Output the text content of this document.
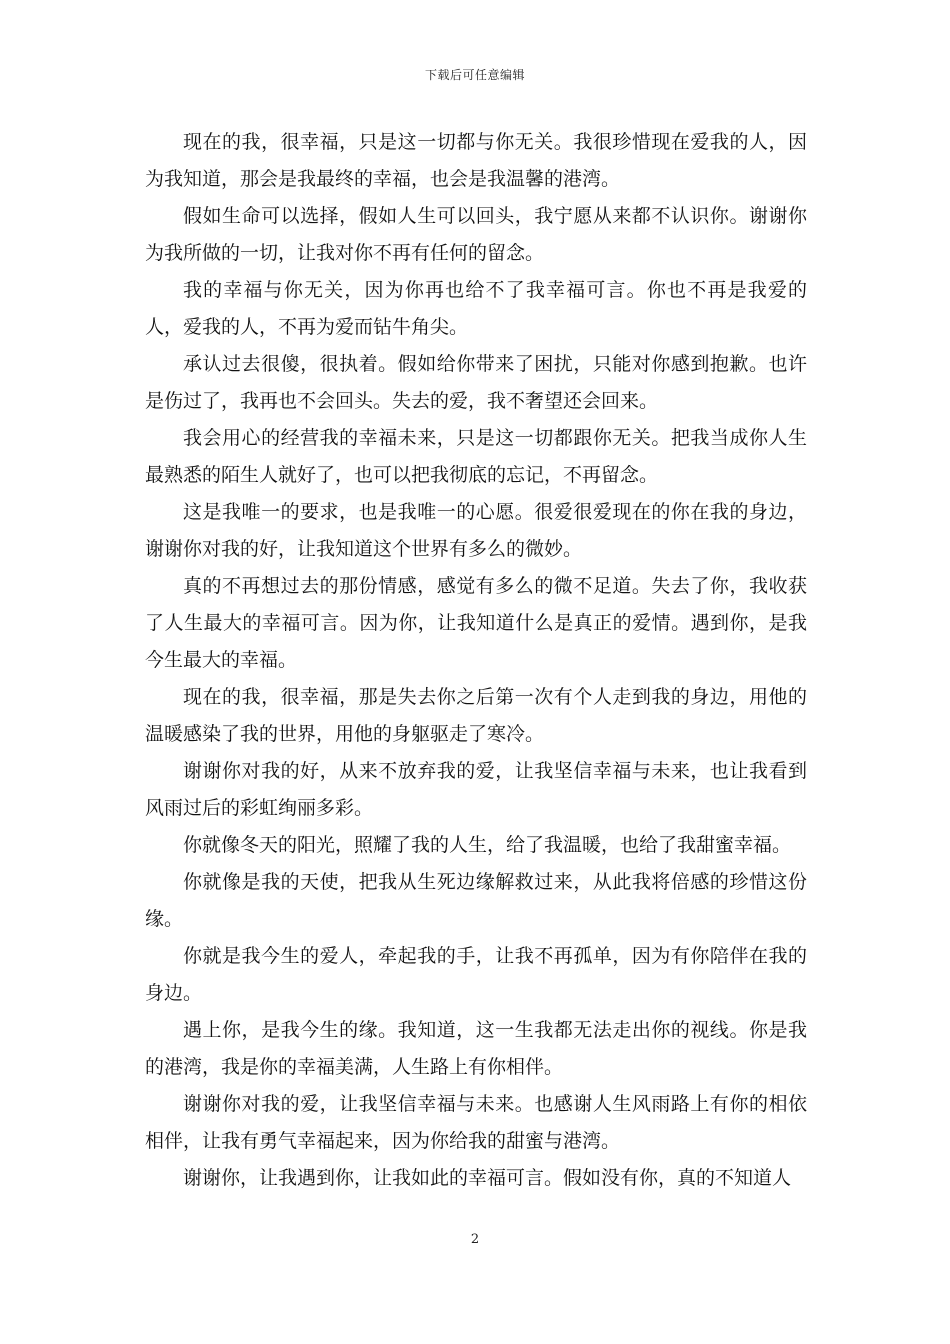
下载后可任意编辑

现在的我，很幸福，只是这一切都与你无关。我很珍惜现在爱我的人，因为我知道，那会是我最终的幸福，也会是我温馨的港湾。

假如生命可以选择，假如人生可以回头，我宁愿从来都不认识你。谢谢你为我所做的一切，让我对你不再有任何的留念。

我的幸福与你无关，因为你再也给不了我幸福可言。你也不再是我爱的人，爱我的人，不再为爱而钻牛角尖。

承认过去很傻，很执着。假如给你带来了困扰，只能对你感到抱歉。也许是伤过了，我再也不会回头。失去的爱，我不奢望还会回来。

我会用心的经营我的幸福未来，只是这一切都跟你无关。把我当成你人生最熟悉的陌生人就好了，也可以把我彻底的忘记，不再留念。

这是我唯一的要求，也是我唯一的心愿。很爱很爱现在的你在我的身边，谢谢你对我的好，让我知道这个世界有多么的微妙。

真的不再想过去的那份情感，感觉有多么的微不足道。失去了你，我收获了人生最大的幸福可言。因为你，让我知道什么是真正的爱情。遇到你，是我今生最大的幸福。

现在的我，很幸福，那是失去你之后第一次有个人走到我的身边，用他的温暖感染了我的世界，用他的身躯驱走了寒冷。

谢谢你对我的好，从来不放弃我的爱，让我坚信幸福与未来，也让我看到风雨过后的彩虹绚丽多彩。

你就像冬天的阳光，照耀了我的人生，给了我温暖，也给了我甜蜜幸福。

你就像是我的天使，把我从生死边缘解救过来，从此我将倍感的珍惜这份缘。

你就是我今生的爱人，牵起我的手，让我不再孤单，因为有你陪伴在我的身边。

遇上你，是我今生的缘。我知道，这一生我都无法走出你的视线。你是我的港湾，我是你的幸福美满，人生路上有你相伴。

谢谢你对我的爱，让我坚信幸福与未来。也感谢人生风雨路上有你的相依相伴，让我有勇气幸福起来，因为你给我的甜蜜与港湾。

谢谢你，让我遇到你，让我如此的幸福可言。假如没有你，真的不知道人

2
